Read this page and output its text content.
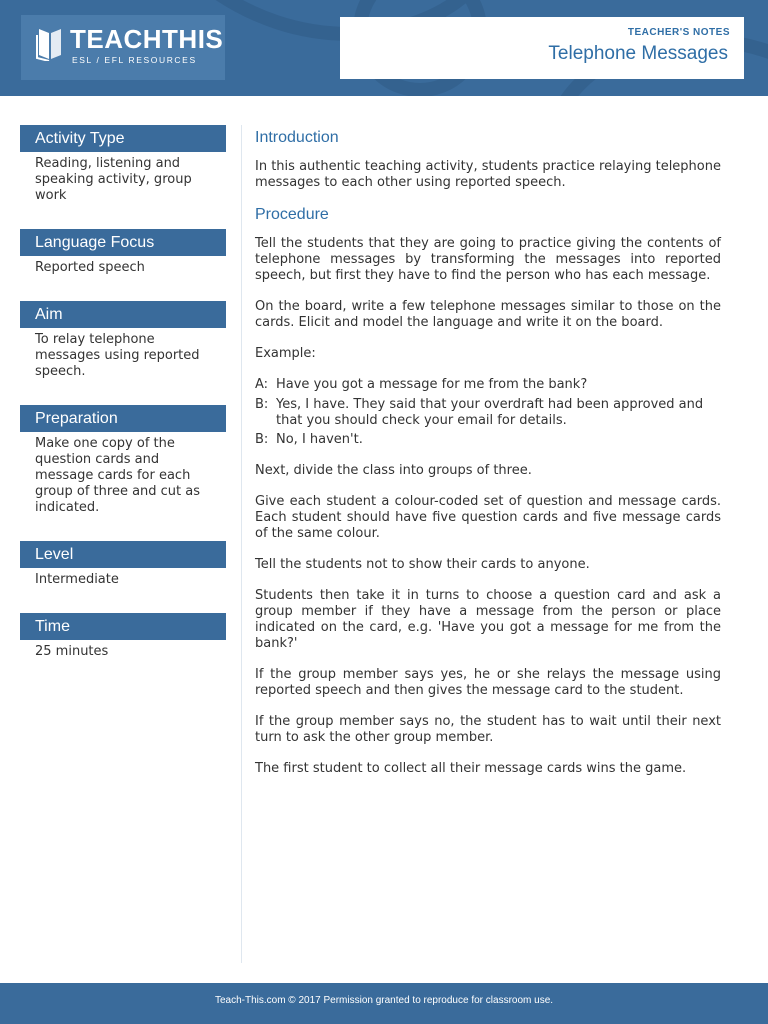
TEACHTHIS
ESL / EFL RESOURCES
TEACHER'S NOTES
Telephone Messages
Activity Type
Reading, listening and speaking activity, group work
Language Focus
Reported speech
Aim
To relay telephone messages using reported speech.
Preparation
Make one copy of the question cards and message cards for each group of three and cut as indicated.
Level
Intermediate
Time
25 minutes
Introduction

In this authentic teaching activity, students practice relaying telephone messages to each other using reported speech.

Procedure

Tell the students that they are going to practice giving the contents of telephone messages by transforming the messages into reported speech, but first they have to find the person who has each message.

On the board, write a few telephone messages similar to those on the cards. Elicit and model the language and write it on the board.

Example:

A: Have you got a message for me from the bank?
B: Yes, I have. They said that your overdraft had been approved and that you should check your email for details.
B: No, I haven't.

Next, divide the class into groups of three.

Give each student a colour-coded set of question and message cards. Each student should have five question cards and five message cards of the same colour.

Tell the students not to show their cards to anyone.

Students then take it in turns to choose a question card and ask a group member if they have a message from the person or place indicated on the card, e.g. 'Have you got a message for me from the bank?'

If the group member says yes, he or she relays the message using reported speech and then gives the message card to the student.

If the group member says no, the student has to wait until their next turn to ask the other group member.

The first student to collect all their message cards wins the game.

Teach-This.com © 2017 Permission granted to reproduce for classroom use.
